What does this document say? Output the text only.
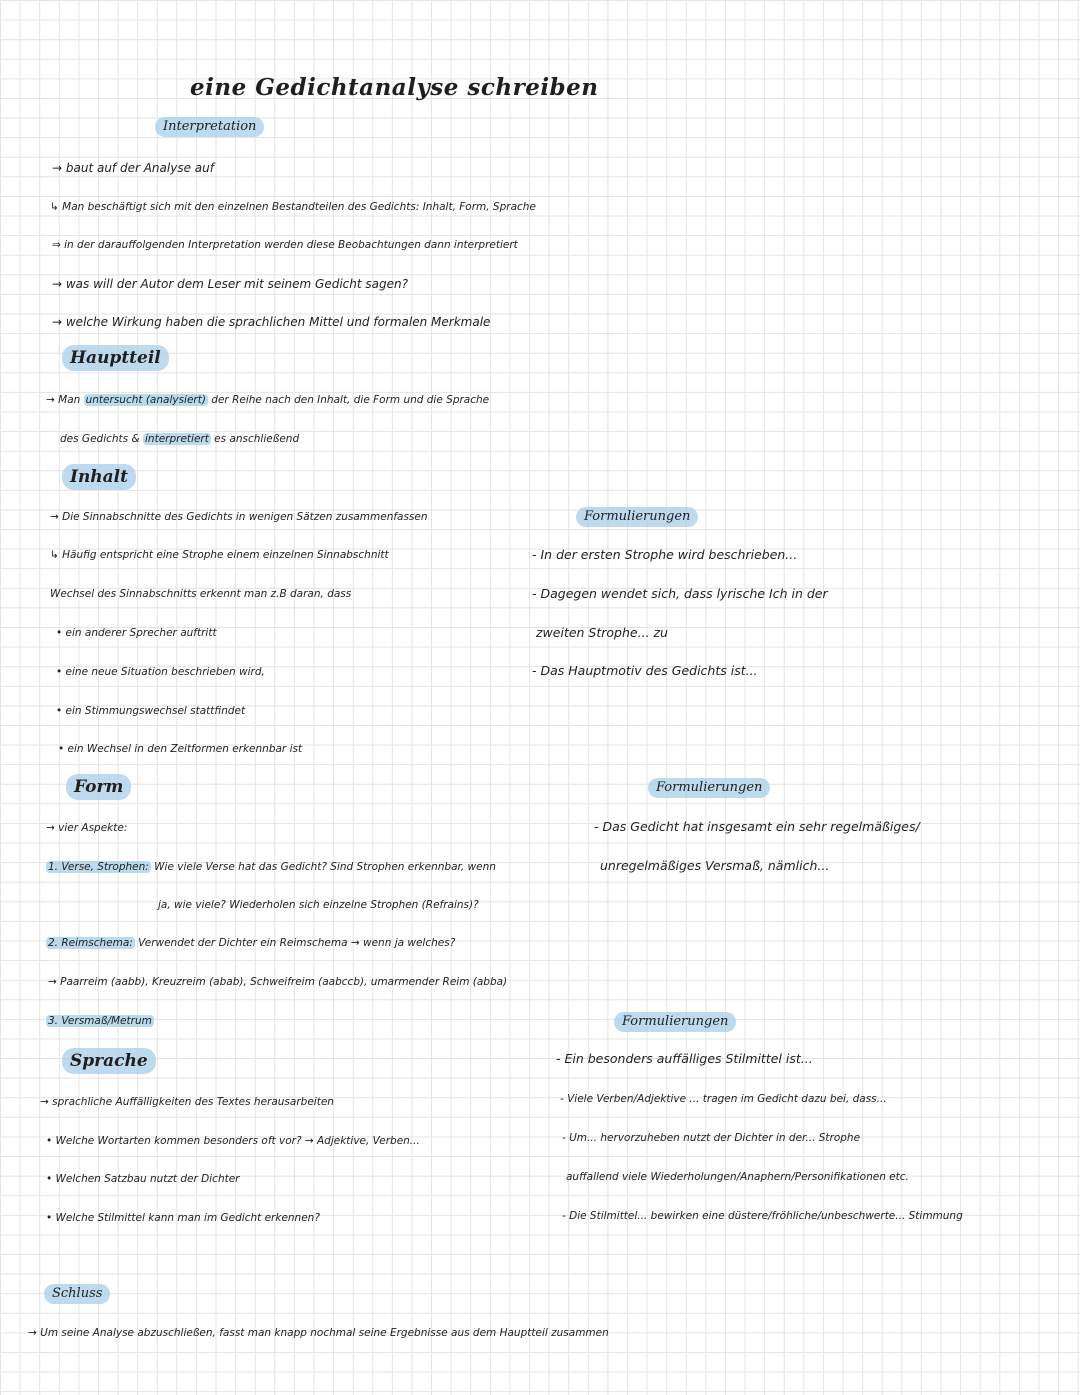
eine Gedichtanalyse schreiben
Interpretation
→ baut auf der Analyse auf
↳ Man beschäftigt sich mit den einzelnen Bestandteilen des Gedichts: Inhalt, Form, Sprache
⇒ in der darauffolgenden Interpretation werden diese Beobachtungen dann interpretiert
→ was will der Autor dem Leser mit seinem Gedicht sagen?
→ welche Wirkung haben die sprachlichen Mittel und formalen Merkmale
Hauptteil
→ Man untersucht (analysiert) der Reihe nach den Inhalt, die Form und die Sprache
des Gedichts & interpretiert es anschließend
Inhalt
→ Die Sinnabschnitte des Gedichts in wenigen Sätzen zusammenfassen
↳ Häufig entspricht eine Strophe einem einzelnen Sinnabschnitt
Wechsel des Sinnabschnitts erkennt man z.B daran, dass
• ein anderer Sprecher auftritt
• eine neue Situation beschrieben wird,
• ein Stimmungswechsel stattfindet
• ein Wechsel in den Zeitformen erkennbar ist
Formulierungen
- In der ersten Strophe wird beschrieben...
- Dagegen wendet sich, dass lyrische Ich in der
zweiten Strophe... zu
- Das Hauptmotiv des Gedichts ist...
Form
→ vier Aspekte:
1. Verse, Strophen: Wie viele Verse hat das Gedicht? Sind Strophen erkennbar, wenn
ja, wie viele? Wiederholen sich einzelne Strophen (Refrains)?
2. Reimschema: Verwendet der Dichter ein Reimschema → wenn ja welches?
→ Paarreim (aabb), Kreuzreim (abab), Schweifreim (aabccb), umarmender Reim (abba)
3. Versmaß/Metrum
Formulierungen
- Das Gedicht hat insgesamt ein sehr regelmäßiges/
unregelmäßiges Versmaß, nämlich...
Sprache
→ sprachliche Auffälligkeiten des Textes herausarbeiten
• Welche Wortarten kommen besonders oft vor? → Adjektive, Verben...
• Welchen Satzbau nutzt der Dichter
• Welche Stilmittel kann man im Gedicht erkennen?
Formulierungen
- Ein besonders auffälliges Stilmittel ist...
- Viele Verben/Adjektive ... tragen im Gedicht dazu bei, dass...
- Um... hervorzuheben nutzt der Dichter in der... Strophe
auffallend viele Wiederholungen/Anaphern/Personifikationen etc.
- Die Stilmittel... bewirken eine düstere/fröhliche/unbeschwerte... Stimmung
Schluss
→ Um seine Analyse abzuschließen, fasst man knapp nochmal seine Ergebnisse aus dem Hauptteil zusammen
